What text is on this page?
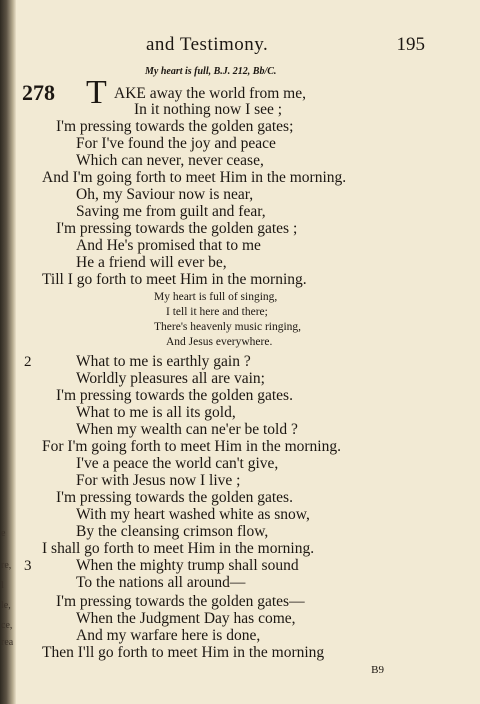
e
re,
l
le,
ce,
rea
and Testimony.	195
My heart is full, B.J. 212, Bb/C.
278 T AKE away the world from me,
In it nothing now I see ;
I'm pressing towards the golden gates;
For I've found the joy and peace
Which can never, never cease,
And I'm going forth to meet Him in the morning.
Oh, my Saviour now is near,
Saving me from guilt and fear,
I'm pressing towards the golden gates ;
And He's promised that to me
He a friend will ever be,
Till I go forth to meet Him in the morning.
My heart is full of singing,
I tell it here and there;
There's heavenly music ringing,
And Jesus everywhere.
2	What to me is earthly gain ?
Worldly pleasures all are vain;
I'm pressing towards the golden gates.
What to me is all its gold,
When my wealth can ne'er be told ?
For I'm going forth to meet Him in the morning.
I've a peace the world can't give,
For with Jesus now I live ;
I'm pressing towards the golden gates.
With my heart washed white as snow,
By the cleansing crimson flow,
I shall go forth to meet Him in the morning.
3	When the mighty trump shall sound
To the nations all around—
I'm pressing towards the golden gates—
When the Judgment Day has come,
And my warfare here is done,
Then I'll go forth to meet Him in the morning
B9
